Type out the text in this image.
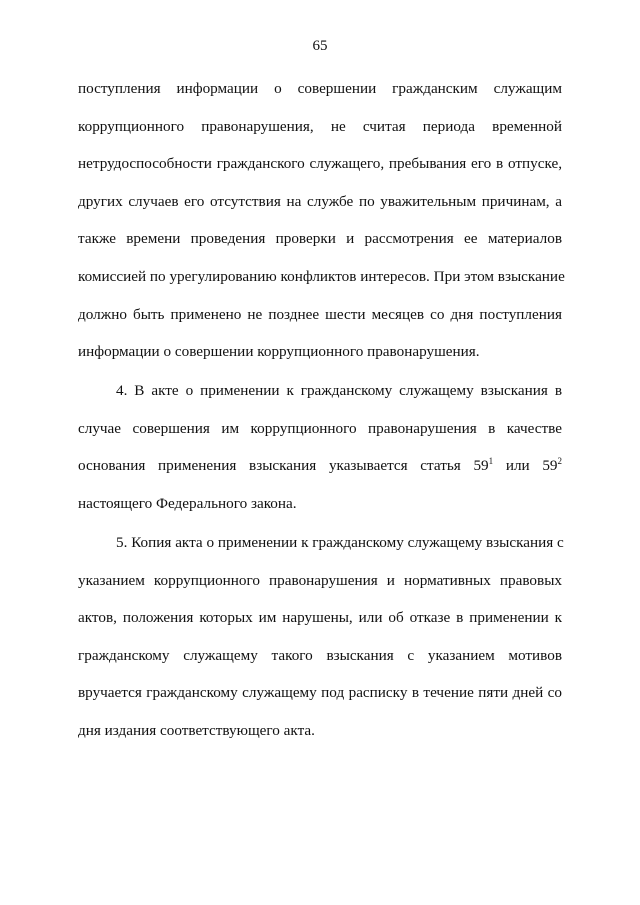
65
поступления информации о совершении гражданским служащим
коррупционного правонарушения, не считая периода временной
нетрудоспособности гражданского служащего, пребывания его в отпуске,
других случаев его отсутствия на службе по уважительным причинам, а
также времени проведения проверки и рассмотрения ее материалов
комиссией по урегулированию конфликтов интересов. При этом взыскание
должно быть применено не позднее шести месяцев со дня поступления
информации о совершении коррупционного правонарушения.
4. В акте о применении к гражданскому служащему взыскания в
случае совершения им коррупционного правонарушения в качестве
основания применения взыскания указывается статья $59^1$ или $59^2$
настоящего Федерального закона.
5. Копия акта о применении к гражданскому служащему взыскания с
указанием коррупционного правонарушения и нормативных правовых
актов, положения которых им нарушены, или об отказе в применении к
гражданскому служащему такого взыскания с указанием мотивов
вручается гражданскому служащему под расписку в течение пяти дней со
дня издания соответствующего акта.
